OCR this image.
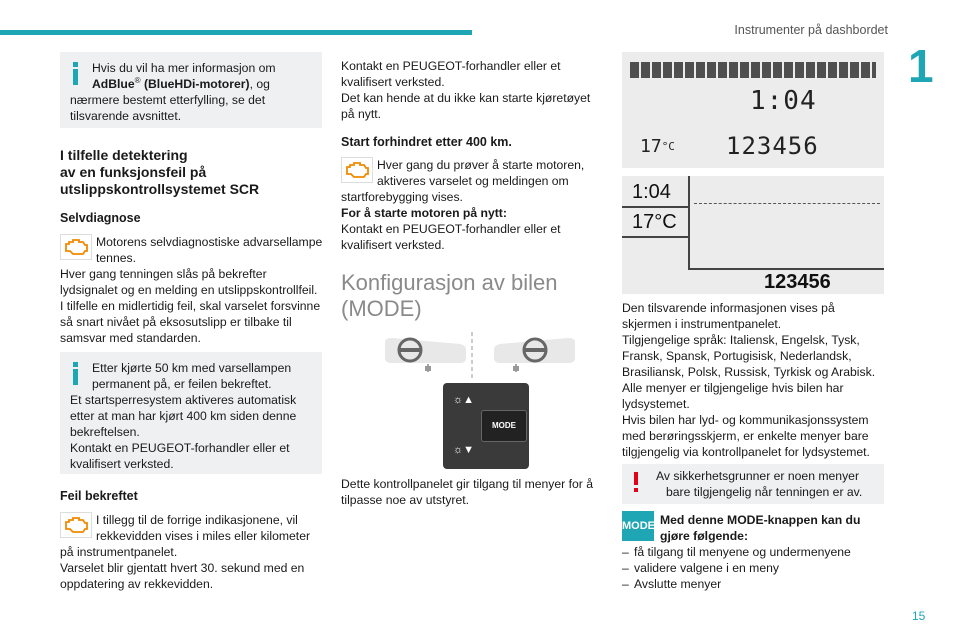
Instrumenter på dashbordet
1
15

Hvis du vil ha mer informasjon om

AdBlue® (BlueHDi-motorer), og

nærmere bestemt etterfylling, se det

tilsvarende avsnittet.

I tilfelle detektering

av en funksjonsfeil på

utslippskontrollsystemet SCR

Selvdiagnose

Motorens selvdiagnostiske advarsellampe

tennes.

Hver gang tenningen slås på bekrefter

lydsignalet og en melding en utslippskontrollfeil.

I tilfelle en midlertidig feil, skal varselet forsvinne

så snart nivået på eksosutslipp er tilbake til

samsvar med standarden.

Etter kjørte 50 km med varsellampen

permanent på, er feilen bekreftet.

Et startsperresystem aktiveres automatisk

etter at man har kjørt 400 km siden denne

bekreftelsen.

Kontakt en PEUGEOT-forhandler eller et

kvalifisert verksted.

Feil bekreftet

I tillegg til de forrige indikasjonene, vil

rekkevidden vises i miles eller kilometer

på instrumentpanelet.

Varselet blir gjentatt hvert 30. sekund med en

oppdatering av rekkevidden.

Kontakt en PEUGEOT-forhandler eller et

kvalifisert verksted.

Det kan hende at du ikke kan starte kjøretøyet

på nytt.

Start forhindret etter 400 km.

Hver gang du prøver å starte motoren,

aktiveres varselet og meldingen om

startforebygging vises.

For å starte motoren på nytt:

Kontakt en PEUGEOT-forhandler eller et

kvalifisert verksted.

Konfigurasjon av bilen

(MODE)

☼▲
☼▼
MODE

Dette kontrollpanelet gir tilgang til menyer for å

tilpasse noe av utstyret.

1:04
$17^{^\circ C}$ 123456
1:04
17°C
123456

Den tilsvarende informasjonen vises på

skjermen i instrumentpanelet.

Tilgjengelige språk: Italiensk, Engelsk, Tysk,

Fransk, Spansk, Portugisisk, Nederlandsk,

Brasiliansk, Polsk, Russisk, Tyrkisk og Arabisk.

Alle menyer er tilgjengelige hvis bilen har

lydsystemet.

Hvis bilen har lyd- og kommunikasjonssystem

med berøringsskjerm, er enkelte menyer bare

tilgjengelig via kontrollpanelet for lydsystemet.

Av sikkerhetsgrunner er noen menyer

bare tilgjengelig når tenningen er av.

MODE Med denne MODE-knappen kan du

gjøre følgende:

– få tilgang til menyene og undermenyene

– validere valgene i en meny

– Avslutte menyer
